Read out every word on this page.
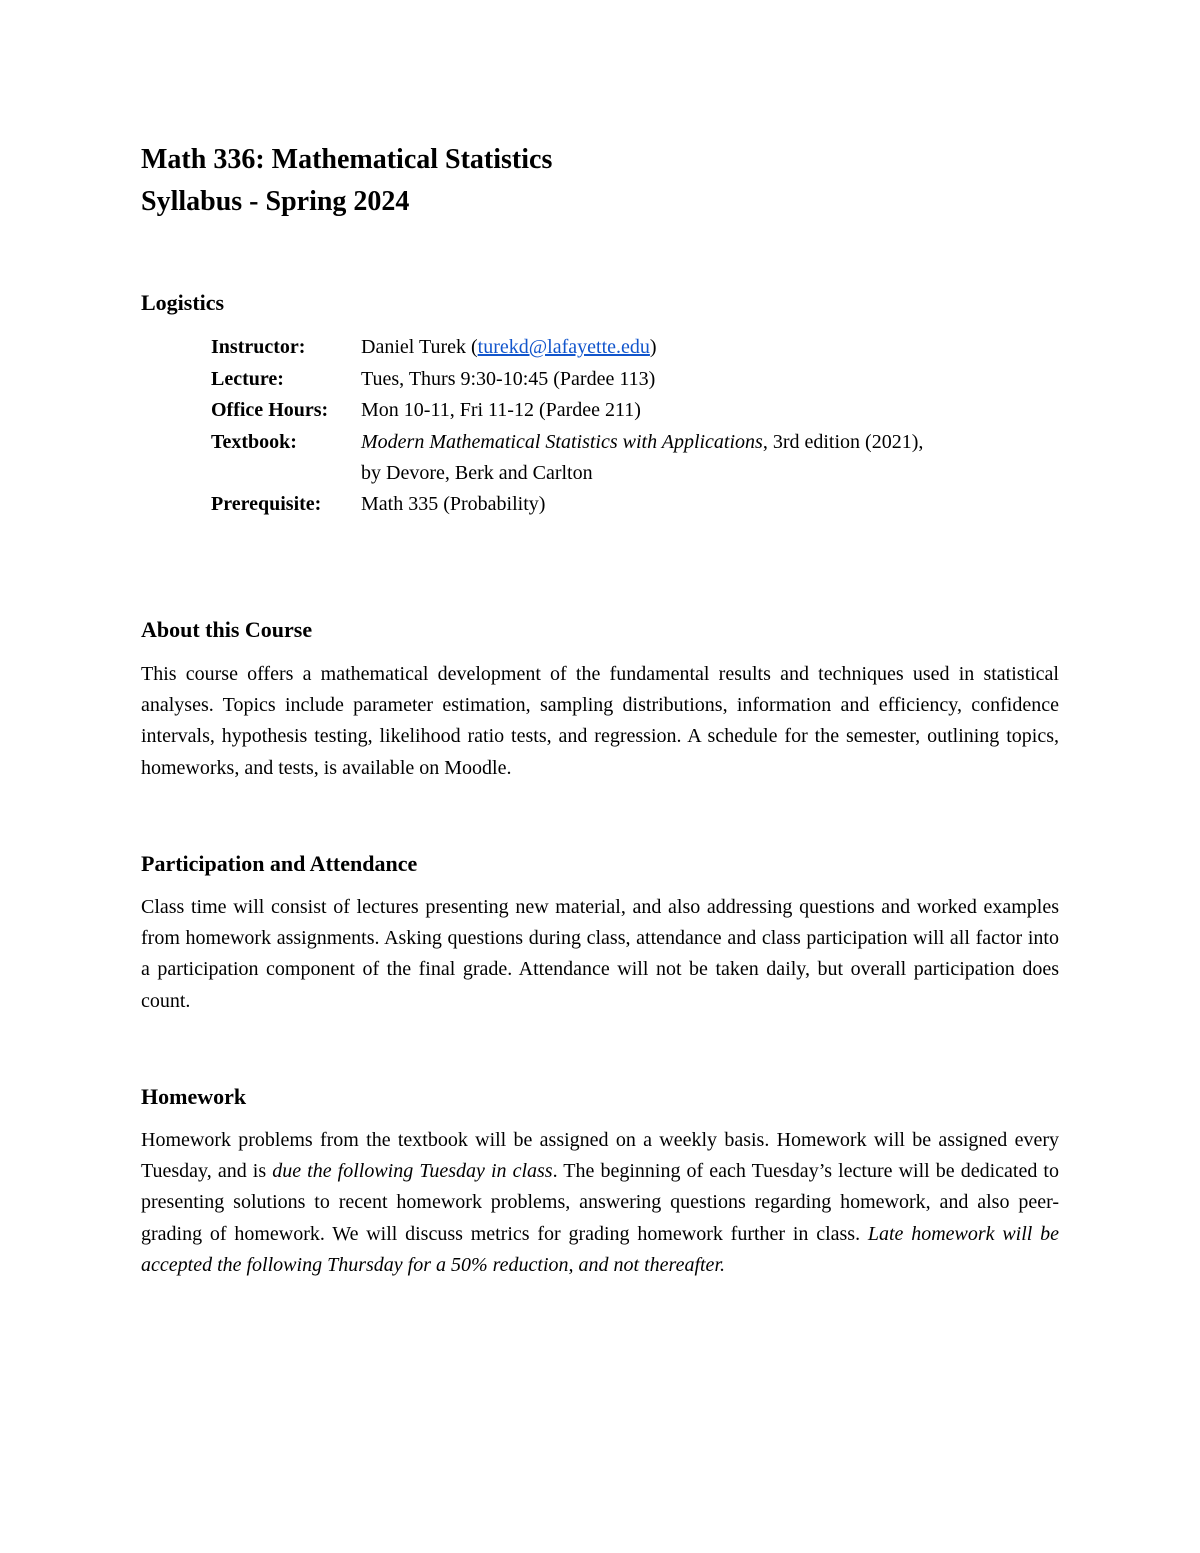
Math 336: Mathematical Statistics
Syllabus - Spring 2024
Logistics
Instructor:	Daniel Turek (turekd@lafayette.edu)
Lecture:	Tues, Thurs 9:30-10:45 (Pardee 113)
Office Hours: Mon 10-11, Fri 11-12 (Pardee 211)
Textbook:	Modern Mathematical Statistics with Applications, 3rd edition (2021),
by Devore, Berk and Carlton
Prerequisite: Math 335 (Probability)
About this Course

This course offers a mathematical development of the fundamental results and techniques used in statistical analyses. Topics include parameter estimation, sampling distributions, information and efficiency, confidence intervals, hypothesis testing, likelihood ratio tests, and regression. A schedule for the semester, outlining topics, homeworks, and tests, is available on Moodle.

Participation and Attendance

Class time will consist of lectures presenting new material, and also addressing questions and worked examples from homework assignments. Asking questions during class, attendance and class participation will all factor into a participation component of the final grade. Attendance will not be taken daily, but overall participation does count.

Homework

Homework problems from the textbook will be assigned on a weekly basis. Homework will be assigned every Tuesday, and is due the following Tuesday in class. The beginning of each Tuesday’s lecture will be dedicated to presenting solutions to recent homework problems, answering questions regarding homework, and also peer-grading of homework. We will discuss metrics for grading homework further in class. Late homework will be accepted the following Thursday for a 50% reduction, and not thereafter.
